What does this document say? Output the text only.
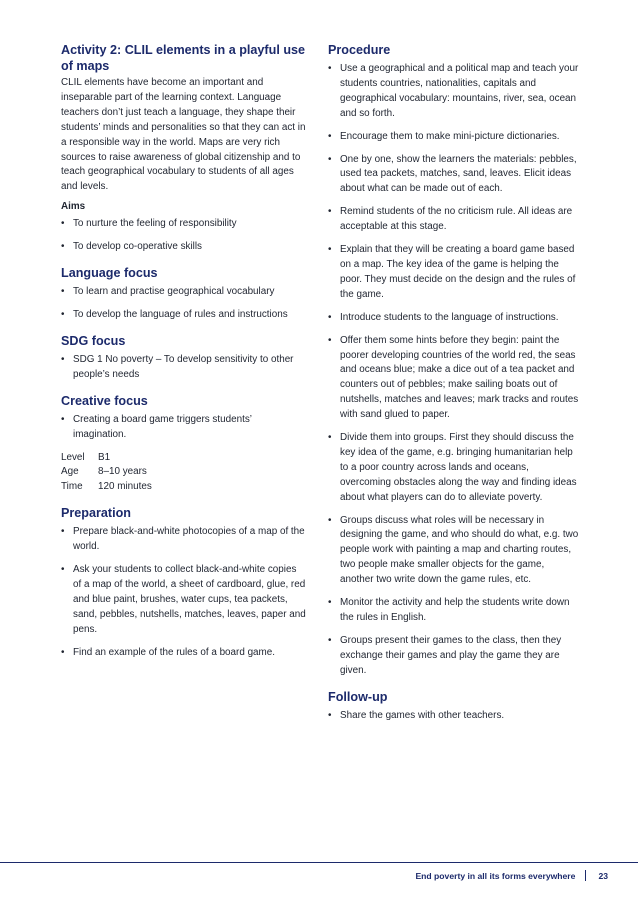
Activity 2: CLIL elements in a playful use of maps

CLIL elements have become an important and inseparable part of the learning context. Language teachers don’t just teach a language, they shape their students’ minds and personalities so that they can act in a responsible way in the world. Maps are very rich sources to raise awareness of global citizenship and to teach geographical vocabulary to students of all ages and levels.

Aims
• To nurture the feeling of responsibility
• To develop co-operative skills
Language focus
• To learn and practise geographical vocabulary
• To develop the language of rules and instructions
SDG focus
• SDG 1 No poverty – To develop sensitivity to other people’s needs
Creative focus
• Creating a board game triggers students’ imagination.
Level	B1
Age	8–10 years
Time	120 minutes
Preparation
• Prepare black-and-white photocopies of a map of the world.
• Ask your students to collect black-and-white copies of a map of the world, a sheet of cardboard, glue, red and blue paint, brushes, water cups, tea packets, sand, pebbles, nutshells, matches, leaves, paper and pens.
• Find an example of the rules of a board game.
Procedure
• Use a geographical and a political map and teach your students countries, nationalities, capitals and geographical vocabulary: mountains, river, sea, ocean and so forth.
• Encourage them to make mini-picture dictionaries.
• One by one, show the learners the materials: pebbles, used tea packets, matches, sand, leaves. Elicit ideas about what can be made out of each.
• Remind students of the no criticism rule. All ideas are acceptable at this stage.
• Explain that they will be creating a board game based on a map. The key idea of the game is helping the poor. They must decide on the design and the rules of the game.
• Introduce students to the language of instructions.
• Offer them some hints before they begin: paint the poorer developing countries of the world red, the seas and oceans blue; make a dice out of a tea packet and counters out of pebbles; make sailing boats out of nutshells, matches and leaves; mark tracks and routes with sand glued to paper.
• Divide them into groups. First they should discuss the key idea of the game, e.g. bringing humanitarian help to a poor country across lands and oceans, overcoming obstacles along the way and finding ideas about what players can do to alleviate poverty.
• Groups discuss what roles will be necessary in designing the game, and who should do what, e.g. two people work with painting a map and charting routes, two people make smaller objects for the game, another two write down the game rules, etc.
• Monitor the activity and help the students write down the rules in English.
• Groups present their games to the class, then they exchange their games and play the game they are given.
Follow-up
• Share the games with other teachers.
End poverty in all its forms everywhere	23
